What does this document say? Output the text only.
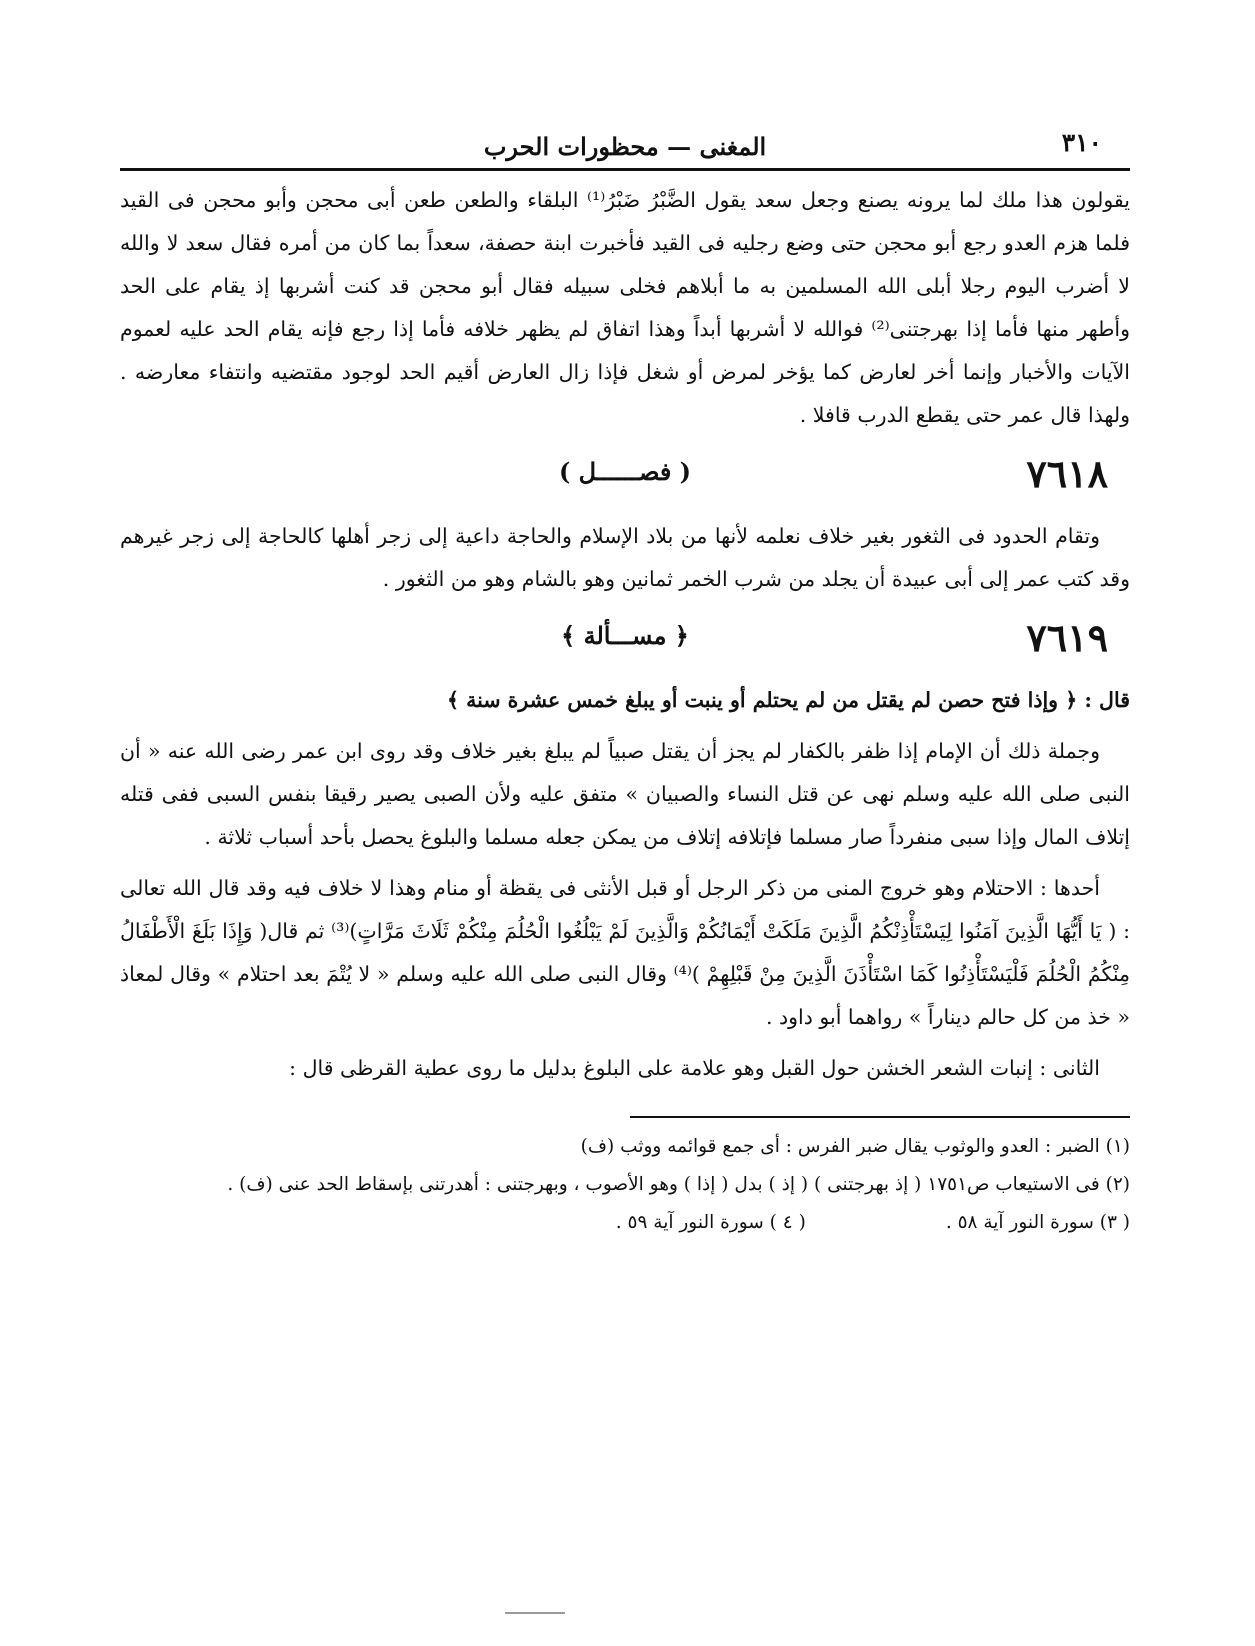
٣١٠
المغنى — محظورات الحرب

يقولون هذا ملك لما يرونه يصنع وجعل سعد يقول الضَّبْرُ ضَبْرُ⁽¹⁾ البلقاء والطعن طعن أبى محجن وأبو محجن فى القيد فلما هزم العدو رجع أبو محجن حتى وضع رجليه فى القيد فأخبرت ابنة حصفة، سعداً بما كان من أمره فقال سعد لا والله لا أضرب اليوم رجلا أبلى الله المسلمين به ما أبلاهم فخلى سبيله فقال أبو محجن قد كنت أشربها إذ يقام على الحد وأطهر منها فأما إذا بهرجتنى⁽²⁾ فوالله لا أشربها أبداً وهذا اتفاق لم يظهر خلافه فأما إذا رجع فإنه يقام الحد عليه لعموم الآيات والأخبار وإنما أخر لعارض كما يؤخر لمرض أو شغل فإذا زال العارض أقيم الحد لوجود مقتضيه وانتفاء معارضه . ولهذا قال عمر حتى يقطع الدرب قافلا .

٧٦١٨
( فصــــــل )

وتقام الحدود فى الثغور بغير خلاف نعلمه لأنها من بلاد الإسلام والحاجة داعية إلى زجر أهلها كالحاجة إلى زجر غيرهم وقد كتب عمر إلى أبى عبيدة أن يجلد من شرب الخمر ثمانين وهو بالشام وهو من الثغور .

٧٦١٩
﴿ مســـألة ﴾

قال : ﴿ وإذا فتح حصن لم يقتل من لم يحتلم أو ينبت أو يبلغ خمس عشرة سنة ﴾

وجملة ذلك أن الإمام إذا ظفر بالكفار لم يجز أن يقتل صبياً لم يبلغ بغير خلاف وقد روى ابن عمر رضى الله عنه « أن النبى صلى الله عليه وسلم نهى عن قتل النساء والصبيان » متفق عليه ولأن الصبى يصير رقيقا بنفس السبى ففى قتله إتلاف المال وإذا سبى منفرداً صار مسلما فإتلافه إتلاف من يمكن جعله مسلما والبلوغ يحصل بأحد أسباب ثلاثة .

أحدها : الاحتلام وهو خروج المنى من ذكر الرجل أو قبل الأنثى فى يقظة أو منام وهذا لا خلاف فيه وقد قال الله تعالى : ( يَا أَيُّهَا الَّذِينَ آمَنُوا لِيَسْتَأْذِنْكُمُ الَّذِينَ مَلَكَتْ أَيْمَانُكُمْ وَالَّذِينَ لَمْ يَبْلُغُوا الْحُلُمَ مِنْكُمْ ثَلَاثَ مَرَّاتٍ)⁽³⁾ ثم قال( وَإِذَا بَلَغَ الْأَطْفَالُ مِنْكُمُ الْحُلُمَ فَلْيَسْتَأْذِنُوا كَمَا اسْتَأْذَنَ الَّذِينَ مِنْ قَبْلِهِمْ )⁽⁴⁾ وقال النبى صلى الله عليه وسلم « لا يُتْمَ بعد احتلام » وقال لمعاذ « خذ من كل حالم ديناراً » رواهما أبو داود .

الثانى : إنبات الشعر الخشن حول القبل وهو علامة على البلوغ بدليل ما روى عطية القرظى قال :

(١) الضبر : العدو والوثوب يقال ضبر الفرس : أى جمع قوائمه ووثب (ف)
(٢) فى الاستيعاب ص١٧٥١ ( إذ بهرجتنى ) ( إذ ) بدل ( إذا ) وهو الأصوب ، وبهرجتنى : أهدرتنى بإسقاط الحد عنى (ف) .
( ٣) سورة النور آية ٥٨ .
( ٤ ) سورة النور آية ٥٩ .
